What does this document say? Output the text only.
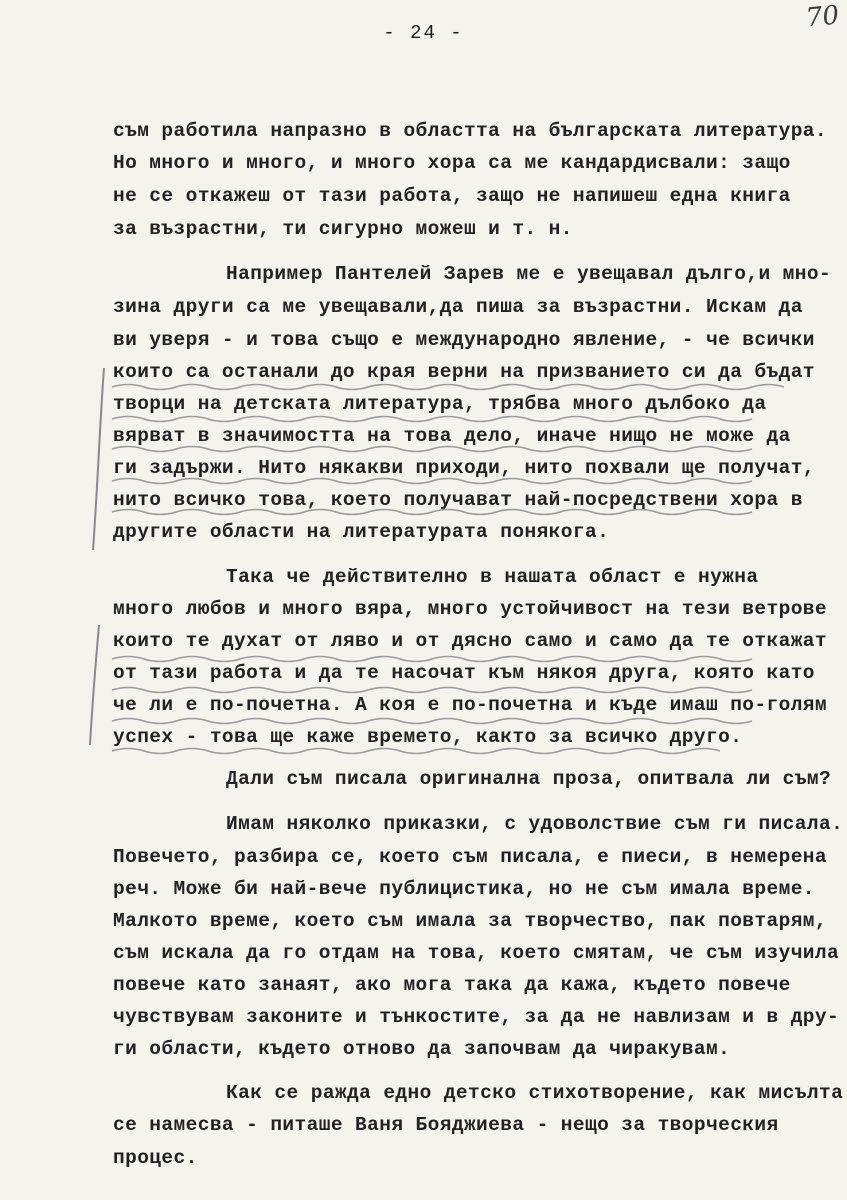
- 24 -	70
съм работила напразно в областта на българската литература.
Но много и много, и много хора са ме кандардисвали: защо
не се откажеш от тази работа, защо не напишеш една книга
за възрастни, ти сигурно можеш и т. н.
Например Пантелей Зарев ме е увещавал дълго,и мно-
зина други са ме увещавали,да пиша за възрастни. Искам да
ви уверя - и това също е международно явление, - че всички
които са останали до края верни на призванието си да бъдат
творци на детската литература, трябва много дълбоко да
вярват в значимостта на това дело, иначе нищо не може да
ги задържи. Нито някакви приходи, нито похвали ще получат,
нито всичко това, което получават най-посредствени хора в
другите области на литературата понякога.
Така че действително в нашата област е нужна
много любов и много вяра, много устойчивост на тези ветрове
които те духат от ляво и от дясно само и само да те откажат
от тази работа и да те насочат към някоя друга, която като
че ли е по-почетна. А коя е по-почетна и къде имаш по-голям
успех - това ще каже времето, както за всичко друго.
Дали съм писала оригинална проза, опитвала ли съм?
Имам няколко приказки, с удоволствие съм ги писала.
Повечето, разбира се, което съм писала, е пиеси, в немерена
реч. Може би най-вече публицистика, но не съм имала време.
Малкото време, което съм имала за творчество, пак повтарям,
съм искала да го отдам на това, което смятам, че съм изучила
повече като занаят, ако мога така да кажа, където повече
чувствувам законите и тънкостите, за да не навлизам и в дру-
ги области, където отново да започвам да чиракувам.
Как се ражда едно детско стихотворение, как мисълта
се намесва - питаше Ваня Бояджиева - нещо за творческия
процес.
